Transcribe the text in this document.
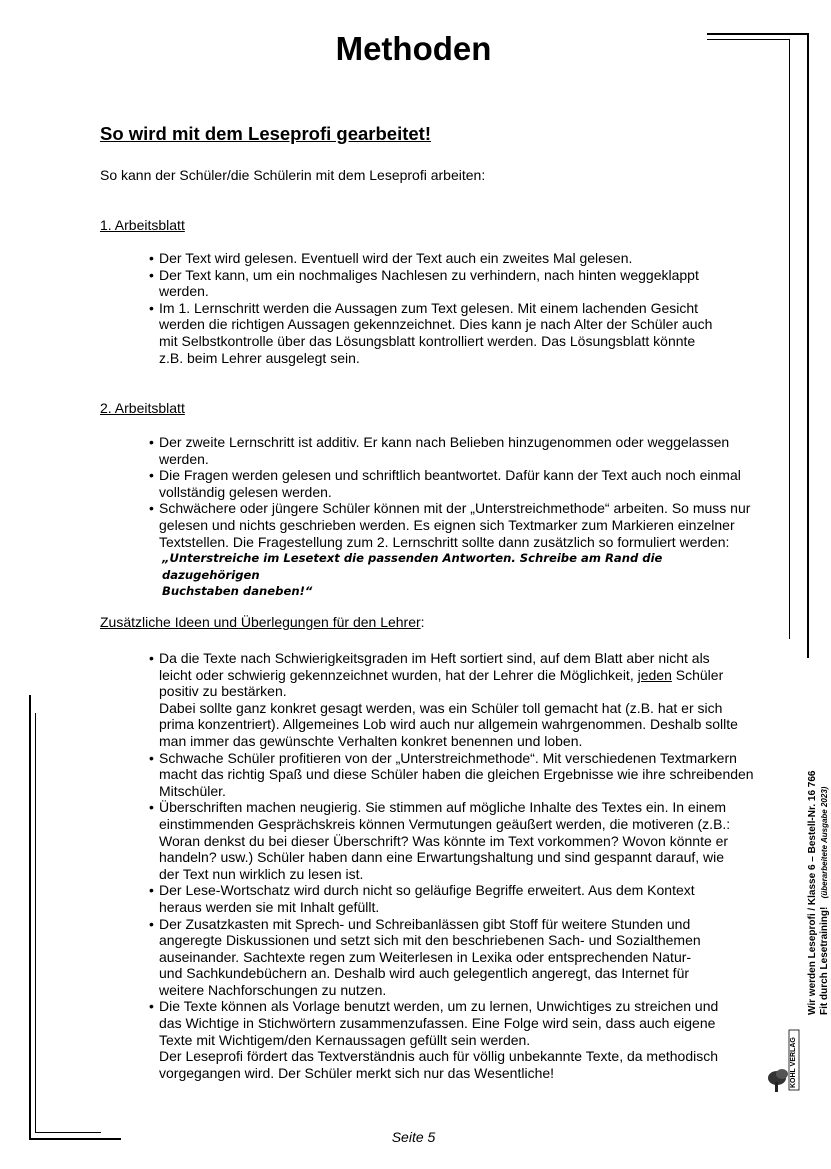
Methoden
So wird mit dem Leseprofi gearbeitet!
So kann der Schüler/die Schülerin mit dem Leseprofi arbeiten:
1. Arbeitsblatt
• Der Text wird gelesen. Eventuell wird der Text auch ein zweites Mal gelesen.
• Der Text kann, um ein nochmaliges Nachlesen zu verhindern, nach hinten weggeklappt
werden.
• Im 1. Lernschritt werden die Aussagen zum Text gelesen. Mit einem lachenden Gesicht
werden die richtigen Aussagen gekennzeichnet. Dies kann je nach Alter der Schüler auch
mit Selbstkontrolle über das Lösungsblatt kontrolliert werden. Das Lösungsblatt könnte
z.B. beim Lehrer ausgelegt sein.
2. Arbeitsblatt
• Der zweite Lernschritt ist additiv. Er kann nach Belieben hinzugenommen oder weggelassen
werden.
• Die Fragen werden gelesen und schriftlich beantwortet. Dafür kann der Text auch noch einmal
vollständig gelesen werden.
• Schwächere oder jüngere Schüler können mit der „Unterstreichmethode“ arbeiten. So muss nur
gelesen und nichts geschrieben werden. Es eignen sich Textmarker zum Markieren einzelner
Textstellen. Die Fragestellung zum 2. Lernschritt sollte dann zusätzlich so formuliert werden:
„Unterstreiche im Lesetext die passenden Antworten. Schreibe am Rand die dazugehörigen
Buchstaben daneben!“
Zusätzliche Ideen und Überlegungen für den Lehrer:
• Da die Texte nach Schwierigkeitsgraden im Heft sortiert sind, auf dem Blatt aber nicht als
leicht oder schwierig gekennzeichnet wurden, hat der Lehrer die Möglichkeit, jeden Schüler
positiv zu bestärken.
Dabei sollte ganz konkret gesagt werden, was ein Schüler toll gemacht hat (z.B. hat er sich
prima konzentriert). Allgemeines Lob wird auch nur allgemein wahrgenommen. Deshalb sollte
man immer das gewünschte Verhalten konkret benennen und loben.
• Schwache Schüler profitieren von der „Unterstreichmethode“. Mit verschiedenen Textmarkern
macht das richtig Spaß und diese Schüler haben die gleichen Ergebnisse wie ihre schreibenden
Mitschüler.
• Überschriften machen neugierig. Sie stimmen auf mögliche Inhalte des Textes ein. In einem
einstimmenden Gesprächskreis können Vermutungen geäußert werden, die motiveren (z.B.:
Woran denkst du bei dieser Überschrift? Was könnte im Text vorkommen? Wovon könnte er
handeln? usw.) Schüler haben dann eine Erwartungshaltung und sind gespannt darauf, wie
der Text nun wirklich zu lesen ist.
• Der Lese-Wortschatz wird durch nicht so geläufige Begriffe erweitert. Aus dem Kontext
heraus werden sie mit Inhalt gefüllt.
• Der Zusatzkasten mit Sprech- und Schreibanlässen gibt Stoff für weitere Stunden und
angeregte Diskussionen und setzt sich mit den beschriebenen Sach- und Sozialthemen
auseinander. Sachtexte regen zum Weiterlesen in Lexika oder entsprechenden Natur-
und Sachkundebüchern an. Deshalb wird auch gelegentlich angeregt, das Internet für
weitere Nachforschungen zu nutzen.
• Die Texte können als Vorlage benutzt werden, um zu lernen, Unwichtiges zu streichen und
das Wichtige in Stichwörtern zusammenzufassen. Eine Folge wird sein, dass auch eigene
Texte mit Wichtigem/den Kernaussagen gefüllt sein werden.
Der Leseprofi fördert das Textverständnis auch für völlig unbekannte Texte, da methodisch
vorgegangen wird. Der Schüler merkt sich nur das Wesentliche!
Wir werden Leseprofi / Klasse 6 – Bestell-Nr. 16 766 Fit durch Lesetraining!   (überarbeitete Ausgabe 2023)
KOHL VERLAG
Seite 5
